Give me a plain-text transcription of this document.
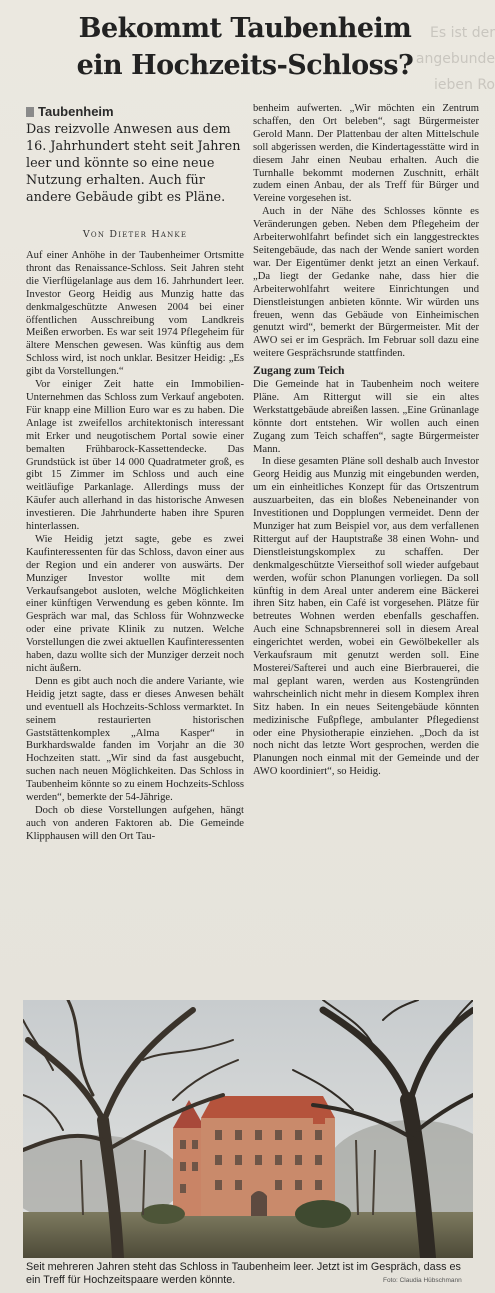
Es ist der
angebunde
ieben Ro
Bekommt Taubenheim
ein Hochzeits-Schloss?
Taubenheim
Das reizvolle Anwesen aus dem 16. Jahrhundert steht seit Jahren leer und könnte so eine neue Nutzung erhalten. Auch für andere Gebäude gibt es Pläne.
Von Dieter Hanke

Auf einer Anhöhe in der Taubenheimer Ortsmitte thront das Renaissance-Schloss. Seit Jahren steht die Vierflügelanlage aus dem 16. Jahrhundert leer. Investor Georg Heidig aus Munzig hatte das denkmalgeschützte Anwesen 2004 bei einer öffentlichen Ausschreibung vom Landkreis Meißen erworben. Es war seit 1974 Pflegeheim für ältere Menschen gewesen. Was künftig aus dem Schloss wird, ist noch unklar. Besitzer Heidig: „Es gibt da Vorstellungen.“

Vor einiger Zeit hatte ein Immobilien-Unternehmen das Schloss zum Verkauf angeboten. Für knapp eine Million Euro war es zu haben. Die Anlage ist zweifellos architektonisch interessant mit Erker und neugotischem Portal sowie einer bemalten Frühbarock-Kassettendecke. Das Grundstück ist über 14 000 Quadratmeter groß, es gibt 15 Zimmer im Schloss und auch eine weitläufige Parkanlage. Allerdings muss der Käufer auch allerhand in das historische Anwesen investieren. Die Jahrhunderte haben ihre Spuren hinterlassen.

Wie Heidig jetzt sagte, gebe es zwei Kaufinteressenten für das Schloss, davon einer aus der Region und ein anderer von auswärts. Der Munziger Investor wollte mit dem Verkaufsangebot ausloten, welche Möglichkeiten einer künftigen Verwendung es geben könnte. Im Gespräch war mal, das Schloss für Wohnzwecke oder eine private Klinik zu nutzen. Welche Vorstellungen die zwei aktuellen Kaufinteressenten haben, dazu wollte sich der Munziger derzeit noch nicht äußern.

Denn es gibt auch noch die andere Variante, wie Heidig jetzt sagte, dass er dieses Anwesen behält und eventuell als Hochzeits-Schloss vermarktet. In seinem restaurierten historischen Gaststättenkomplex „Alma Kasper“ in Burkhardswalde fanden im Vorjahr an die 30 Hochzeiten statt. „Wir sind da fast ausgebucht, suchen nach neuen Möglichkeiten. Das Schloss in Taubenheim könnte so zu einem Hochzeits-Schloss werden“, bemerkte der 54-Jährige.

Doch ob diese Vorstellungen aufgehen, hängt auch von anderen Faktoren ab. Die Gemeinde Klipphausen will den Ort Tau-

benheim aufwerten. „Wir möchten ein Zentrum schaffen, den Ort beleben“, sagt Bürgermeister Gerold Mann. Der Plattenbau der alten Mittelschule soll abgerissen werden, die Kindertagesstätte wird in diesem Jahr einen Neubau erhalten. Auch die Turnhalle bekommt modernen Zuschnitt, erhält zudem einen Anbau, der als Treff für Bürger und Vereine vorgesehen ist.

Auch in der Nähe des Schlosses könnte es Veränderungen geben. Neben dem Pflegeheim der Arbeiterwohlfahrt befindet sich ein langgestrecktes Seitengebäude, das nach der Wende saniert worden war. Der Eigentümer denkt jetzt an einen Verkauf. „Da liegt der Gedanke nahe, dass hier die Arbeiterwohlfahrt weitere Einrichtungen und Dienstleistungen anbieten könnte. Wir würden uns freuen, wenn das Gebäude von Einheimischen genutzt wird“, bemerkt der Bürgermeister. Mit der AWO sei er im Gespräch. Im Februar soll dazu eine weitere Gesprächsrunde stattfinden.

Zugang zum Teich

Die Gemeinde hat in Taubenheim noch weitere Pläne. Am Rittergut will sie ein altes Werkstattgebäude abreißen lassen. „Eine Grünanlage könnte dort entstehen. Wir wollen auch einen Zugang zum Teich schaffen“, sagte Bürgermeister Mann.

In diese gesamten Pläne soll deshalb auch Investor Georg Heidig aus Munzig mit eingebunden werden, um ein einheitliches Konzept für das Ortszentrum auszuarbeiten, das ein bloßes Nebeneinander von Investitionen und Dopplungen vermeidet. Denn der Munziger hat zum Beispiel vor, aus dem verfallenen Rittergut auf der Hauptstraße 38 einen Wohn- und Dienstleistungskomplex zu schaffen. Der denkmalgeschützte Vierseithof soll wieder aufgebaut werden, wofür schon Planungen vorliegen. Da soll künftig in dem Areal unter anderem eine Bäckerei ihren Sitz haben, ein Café ist vorgesehen. Plätze für betreutes Wohnen werden ebenfalls geschaffen. Auch eine Schnapsbrennerei soll in diesem Areal eingerichtet werden, wobei ein Gewölbekeller als Verkaufsraum mit genutzt werden soll. Eine Mosterei/Safterei und auch eine Bierbrauerei, die mal geplant waren, werden aus Kostengründen wahrscheinlich nicht mehr in diesem Komplex ihren Sitz haben. In ein neues Seitengebäude könnten medizinische Fußpflege, ambulanter Pflegedienst oder eine Physiotherapie einziehen. „Doch da ist noch nicht das letzte Wort gesprochen, werden die Planungen noch einmal mit der Gemeinde und der AWO koordiniert“, so Heidig.

Seit mehreren Jahren steht das Schloss in Taubenheim leer. Jetzt ist im Gespräch, dass es ein Treff für Hochzeitspaare werden könnte.	Foto: Claudia Hübschmann
